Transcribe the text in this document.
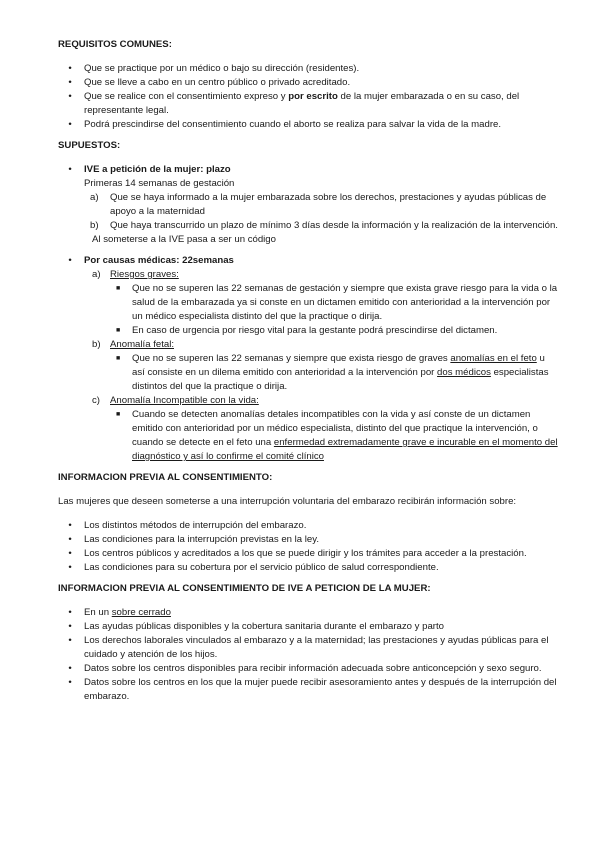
REQUISITOS COMUNES:

•	Que se practique por un médico o bajo su dirección (residentes).
•	Que se lleve a cabo en un centro público o privado acreditado.
•	Que se realice con el consentimiento expreso y por escrito de la mujer embarazada o en su caso, del representante legal.
•	Podrá prescindirse del consentimiento cuando el aborto se realiza para salvar la vida de la madre.

SUPUESTOS:

•	IVE a petición de la mujer: plazo

Primeras 14 semanas de gestación

a) Que se haya informado a la mujer embarazada sobre los derechos, prestaciones y ayudas públicas de apoyo a la maternidad
b) Que haya transcurrido un plazo de mínimo 3 días desde la información y la realización de la intervención.

Al someterse a la IVE pasa a ser un código

•	Por causas médicas: 22semanas
a) Riesgos graves:
■ Que no se superen las 22 semanas de gestación y siempre que exista grave riesgo para la vida o la salud de la embarazada ya si conste en un dictamen emitido con anterioridad a la intervención por un médico especialista distinto del que la practique o dirija.
■ En caso de urgencia por riesgo vital para la gestante podrá prescindirse del dictamen.
b) Anomalía fetal:
■ Que no se superen las 22 semanas y siempre que exista riesgo de graves anomalías en el feto u así consiste en un dilema emitido con anterioridad a la intervención por dos médicos especialistas distintos del que la practique o dirija.
c) Anomalía Incompatible con la vida:
■ Cuando se detecten anomalías detales incompatibles con la vida y así conste de un dictamen emitido con anterioridad por un médico especialista, distinto del que practique la intervención, o cuando se detecte en el feto una enfermedad extremadamente grave e incurable en el momento del diagnóstico y así lo confirme el comité clínico

INFORMACION PREVIA AL CONSENTIMIENTO:

Las mujeres que deseen someterse a una interrupción voluntaria del embarazo recibirán información sobre:

•	Los distintos métodos de interrupción del embarazo.
•	Las condiciones para la interrupción previstas en la ley.
•	Los centros públicos y acreditados a los que se puede dirigir y los trámites para acceder a la prestación.
•	Las condiciones para su cobertura por el servicio público de salud correspondiente.

INFORMACION PREVIA AL CONSENTIMIENTO DE IVE A PETICION DE LA MUJER:

•	En un sobre cerrado
•	Las ayudas públicas disponibles y la cobertura sanitaria durante el embarazo y parto
•	Los derechos laborales vinculados al embarazo y a la maternidad; las prestaciones y ayudas públicas para el cuidado y atención de los hijos.
•	Datos sobre los centros disponibles para recibir información adecuada sobre anticoncepción y sexo seguro.
•	Datos sobre los centros en los que la mujer puede recibir asesoramiento antes y después de la interrupción del embarazo.
